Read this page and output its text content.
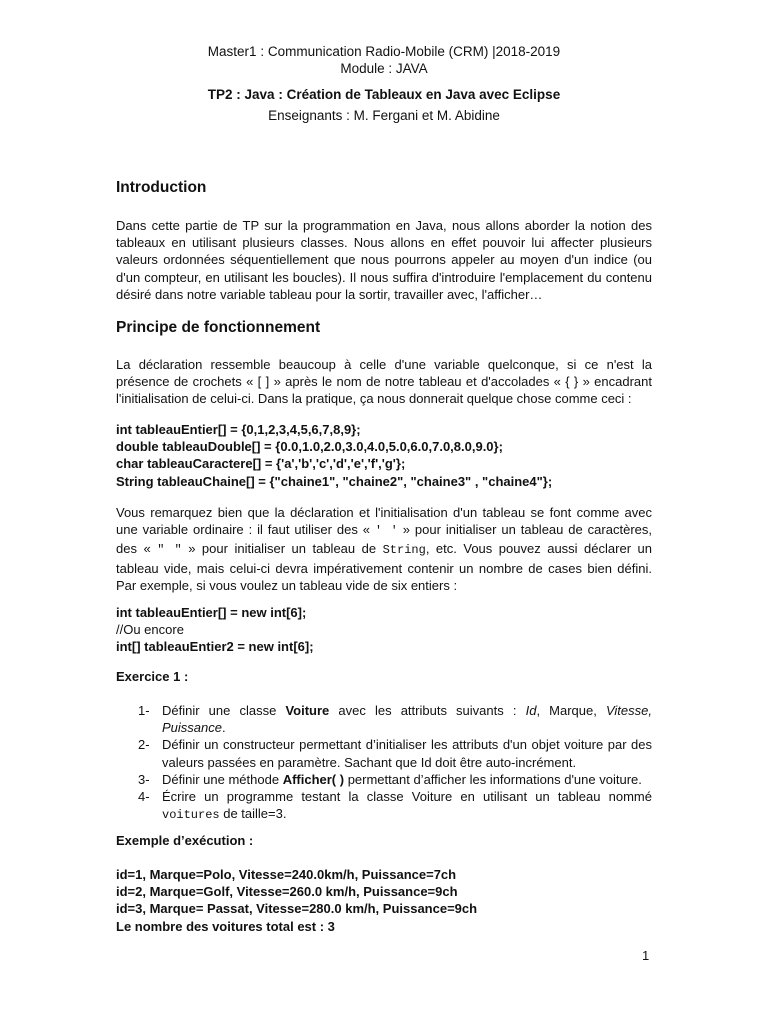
Master1 : Communication Radio-Mobile (CRM) |2018-2019
Module : JAVA
TP2 : Java : Création de Tableaux en Java avec Eclipse
Enseignants : M. Fergani et M. Abidine
Introduction
Dans cette partie de TP sur la programmation en Java, nous allons aborder la notion des tableaux en utilisant plusieurs classes. Nous allons en effet pouvoir lui affecter plusieurs valeurs ordonnées séquentiellement que nous pourrons appeler au moyen d'un indice (ou d'un compteur, en utilisant les boucles). Il nous suffira d'introduire l'emplacement du contenu désiré dans notre variable tableau pour la sortir, travailler avec, l'afficher…
Principe de fonctionnement
La déclaration ressemble beaucoup à celle d'une variable quelconque, si ce n'est la présence de crochets « [ ] » après le nom de notre tableau et d'accolades « { } » encadrant l'initialisation de celui-ci. Dans la pratique, ça nous donnerait quelque chose comme ceci :
int tableauEntier[] = {0,1,2,3,4,5,6,7,8,9};
double tableauDouble[] = {0.0,1.0,2.0,3.0,4.0,5.0,6.0,7.0,8.0,9.0};
char tableauCaractere[] = {'a','b','c','d','e','f','g'};
String tableauChaine[] = {"chaine1", "chaine2", "chaine3" , "chaine4"};
Vous remarquez bien que la déclaration et l'initialisation d'un tableau se font comme avec une variable ordinaire : il faut utiliser des « ' ' » pour initialiser un tableau de caractères, des « " " » pour initialiser un tableau de String, etc. Vous pouvez aussi déclarer un tableau vide, mais celui-ci devra impérativement contenir un nombre de cases bien défini. Par exemple, si vous voulez un tableau vide de six entiers :
int tableauEntier[] = new int[6];
//Ou encore
int[] tableauEntier2 = new int[6];
Exercice 1 :
1- Définir une classe Voiture avec les attributs suivants : Id, Marque, Vitesse, Puissance.
2- Définir un constructeur permettant d’initialiser les attributs d'un objet voiture par des valeurs passées en paramètre. Sachant que Id doit être auto-incrément.
3- Définir une méthode Afficher( ) permettant d’afficher les informations d'une voiture.
4- Écrire un programme testant la classe Voiture en utilisant un tableau nommé voitures de taille=3.
Exemple d’exécution :
id=1, Marque=Polo, Vitesse=240.0km/h, Puissance=7ch
id=2, Marque=Golf, Vitesse=260.0 km/h, Puissance=9ch
id=3, Marque= Passat, Vitesse=280.0 km/h, Puissance=9ch
Le nombre des voitures total est : 3
1
